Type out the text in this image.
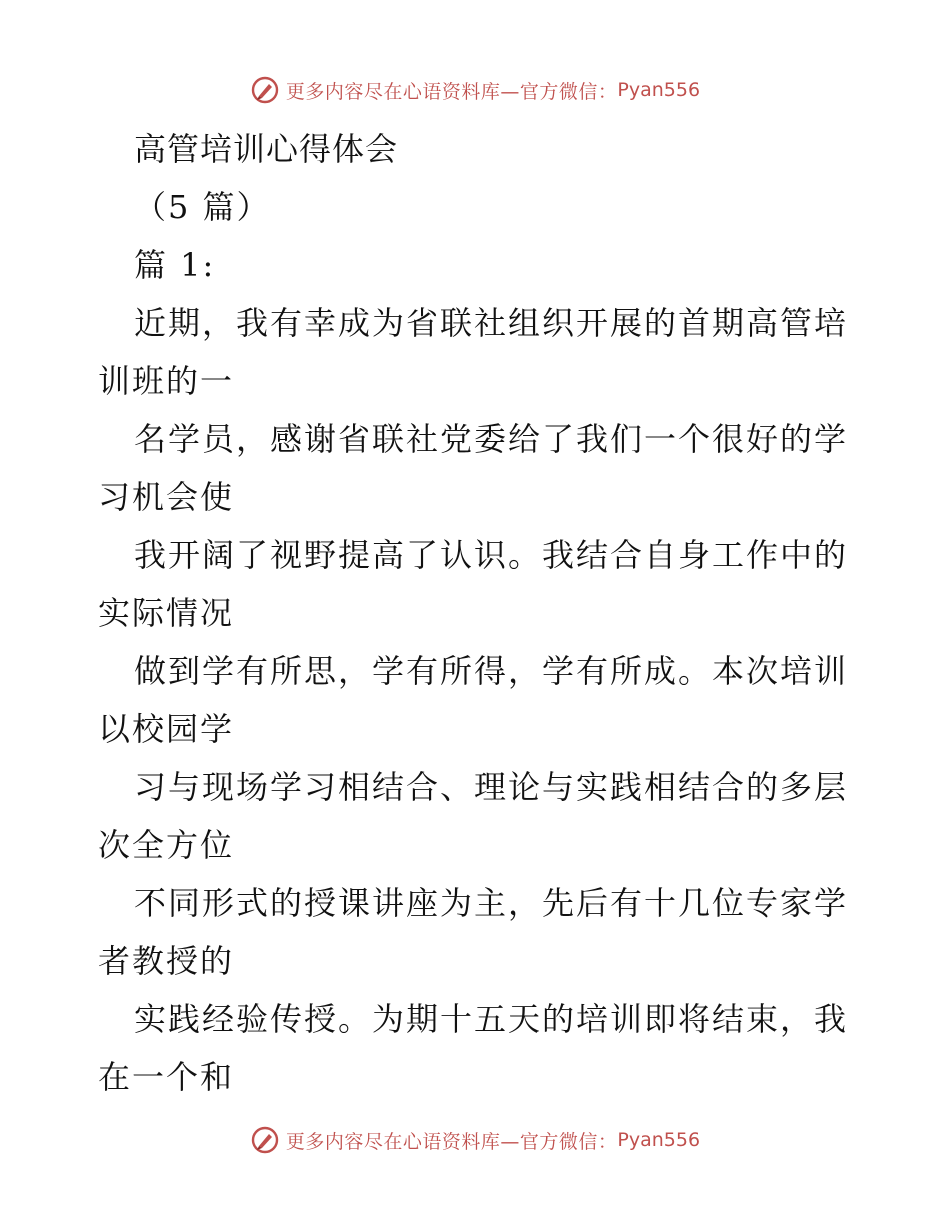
更多内容尽在心语资料库—官方微信： Pyan556
高管培训心得体会
（5 篇）
篇 1:
近期，我有幸成为省联社组织开展的首期高管培
训班的一
名学员，感谢省联社党委给了我们一个很好的学
习机会使
我开阔了视野提高了认识。我结合自身工作中的
实际情况
做到学有所思，学有所得，学有所成。本次培训
以校园学
习与现场学习相结合、理论与实践相结合的多层
次全方位
不同形式的授课讲座为主，先后有十几位专家学
者教授的
实践经验传授。为期十五天的培训即将结束，我
在一个和
更多内容尽在心语资料库—官方微信： Pyan556
